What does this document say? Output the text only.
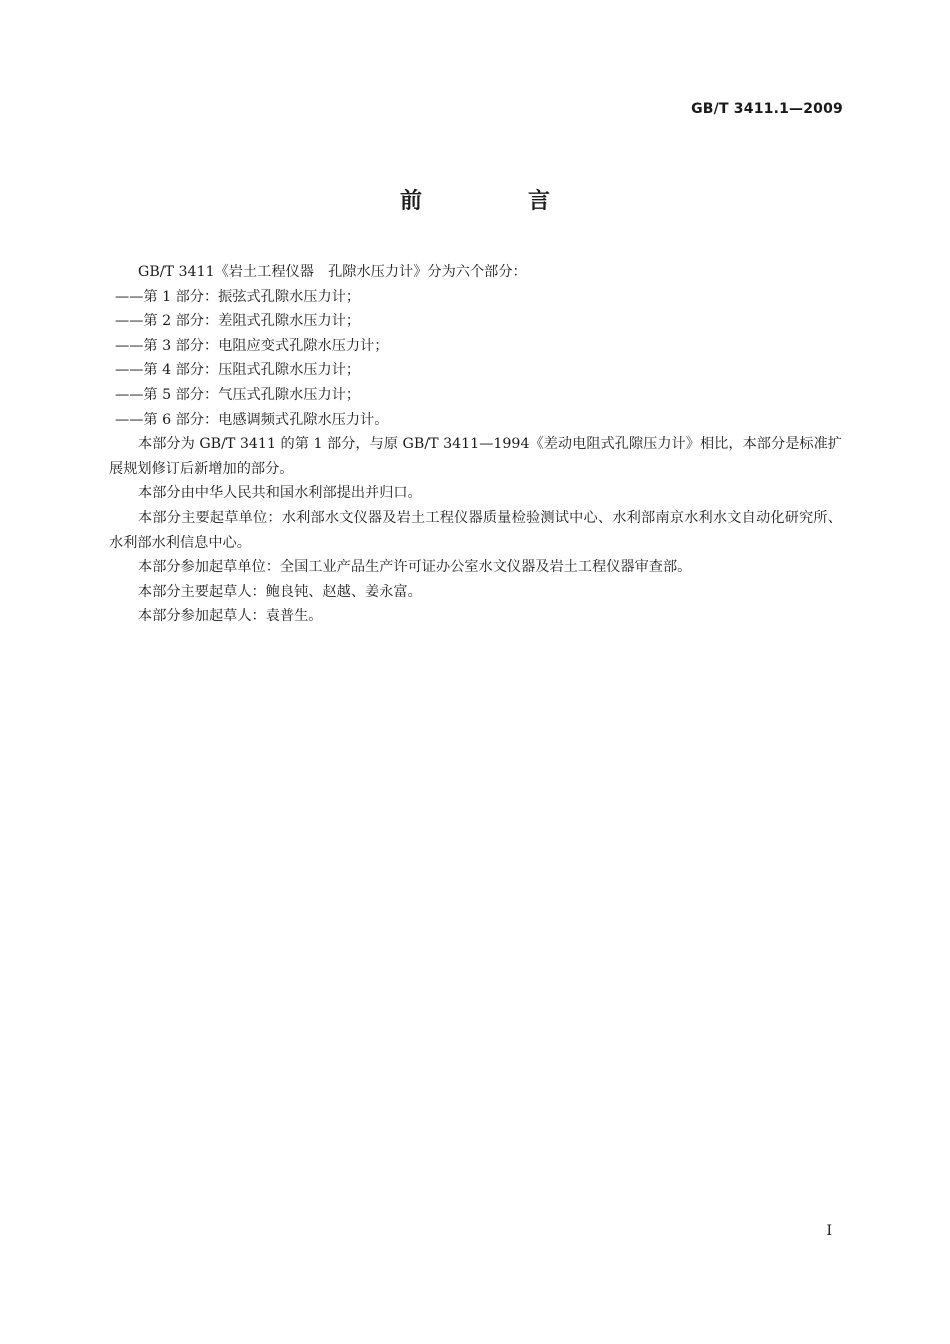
GB/T 3411.1—2009
前　言

GB/T 3411《岩土工程仪器　孔隙水压力计》分为六个部分：

——第 1 部分：振弦式孔隙水压力计；
——第 2 部分：差阻式孔隙水压力计；
——第 3 部分：电阻应变式孔隙水压力计；
——第 4 部分：压阻式孔隙水压力计；
——第 5 部分：气压式孔隙水压力计；
——第 6 部分：电感调频式孔隙水压力计。

本部分为 GB/T 3411 的第 1 部分，与原 GB/T 3411—1994《差动电阻式孔隙压力计》相比，本部分是标准扩展规划修订后新增加的部分。

本部分由中华人民共和国水利部提出并归口。

本部分主要起草单位：水利部水文仪器及岩土工程仪器质量检验测试中心、水利部南京水利水文自动化研究所、水利部水利信息中心。

本部分参加起草单位：全国工业产品生产许可证办公室水文仪器及岩土工程仪器审查部。

本部分主要起草人：鲍良钝、赵越、姜永富。

本部分参加起草人：袁普生。

I
